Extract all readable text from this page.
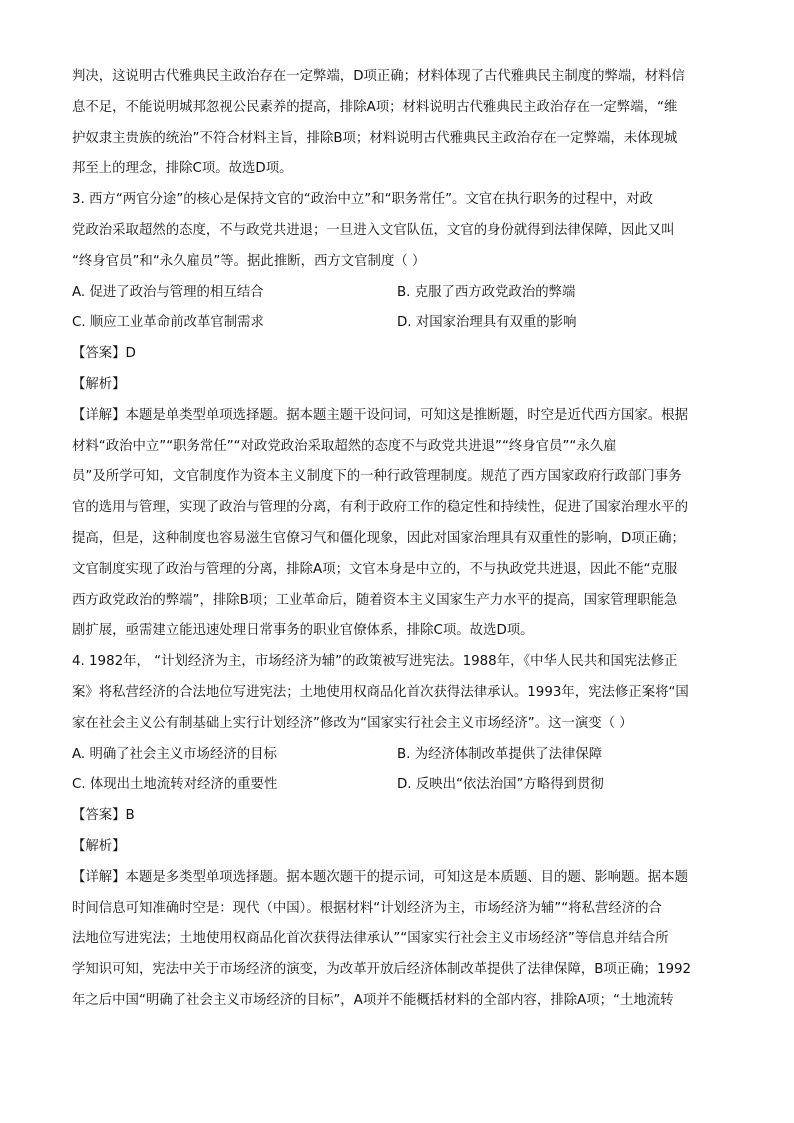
判决，这说明古代雅典民主政治存在一定弊端，D项正确；材料体现了古代雅典民主制度的弊端，材料信

息不足，不能说明城邦忽视公民素养的提高，排除A项；材料说明古代雅典民主政治存在一定弊端，“维

护奴隶主贵族的统治”不符合材料主旨，排除B项；材料说明古代雅典民主政治存在一定弊端，未体现城

邦至上的理念，排除C项。故选D项。

3. 西方“两官分途”的核心是保持文官的“政治中立”和“职务常任”。文官在执行职务的过程中，对政

党政治采取超然的态度，不与政党共进退；一旦进入文官队伍，文官的身份就得到法律保障，因此又叫

“终身官员”和“永久雇员”等。据此推断，西方文官制度（ ）

A. 促进了政治与管理的相互结合	B. 克服了西方政党政治的弊端
C. 顺应工业革命前改革官制需求	D. 对国家治理具有双重的影响
【答案】D
【解析】

【详解】本题是单类型单项选择题。据本题主题干设问词，可知这是推断题，时空是近代西方国家。根据

材料“政治中立”“职务常任”“对政党政治采取超然的态度不与政党共进退”“终身官员”“永久雇

员”及所学可知，文官制度作为资本主义制度下的一种行政管理制度。规范了西方国家政府行政部门事务

官的选用与管理，实现了政治与管理的分离，有利于政府工作的稳定性和持续性，促进了国家治理水平的

提高，但是，这种制度也容易滋生官僚习气和僵化现象，因此对国家治理具有双重性的影响，D项正确；

文官制度实现了政治与管理的分离，排除A项；文官本身是中立的，不与执政党共进退，因此不能“克服

西方政党政治的弊端”，排除B项；工业革命后，随着资本主义国家生产力水平的提高，国家管理职能急

剧扩展，亟需建立能迅速处理日常事务的职业官僚体系，排除C项。故选D项。

4. 1982年， “计划经济为主，市场经济为辅”的政策被写进宪法。1988年，《中华人民共和国宪法修正

案》将私营经济的合法地位写进宪法；土地使用权商品化首次获得法律承认。1993年，宪法修正案将“国

家在社会主义公有制基础上实行计划经济”修改为“国家实行社会主义市场经济”。这一演变（ ）

A. 明确了社会主义市场经济的目标	B. 为经济体制改革提供了法律保障
C. 体现出土地流转对经济的重要性	D. 反映出“依法治国”方略得到贯彻
【答案】B
【解析】

【详解】本题是多类型单项选择题。据本题次题干的提示词，可知这是本质题、目的题、影响题。据本题

时间信息可知准确时空是：现代（中国）。根据材料“计划经济为主，市场经济为辅”“将私营经济的合

法地位写进宪法；土地使用权商品化首次获得法律承认”“国家实行社会主义市场经济”等信息并结合所

学知识可知，宪法中关于市场经济的演变，为改革开放后经济体制改革提供了法律保障，B项正确；1992

年之后中国“明确了社会主义市场经济的目标”，A项并不能概括材料的全部内容，排除A项；“土地流转
